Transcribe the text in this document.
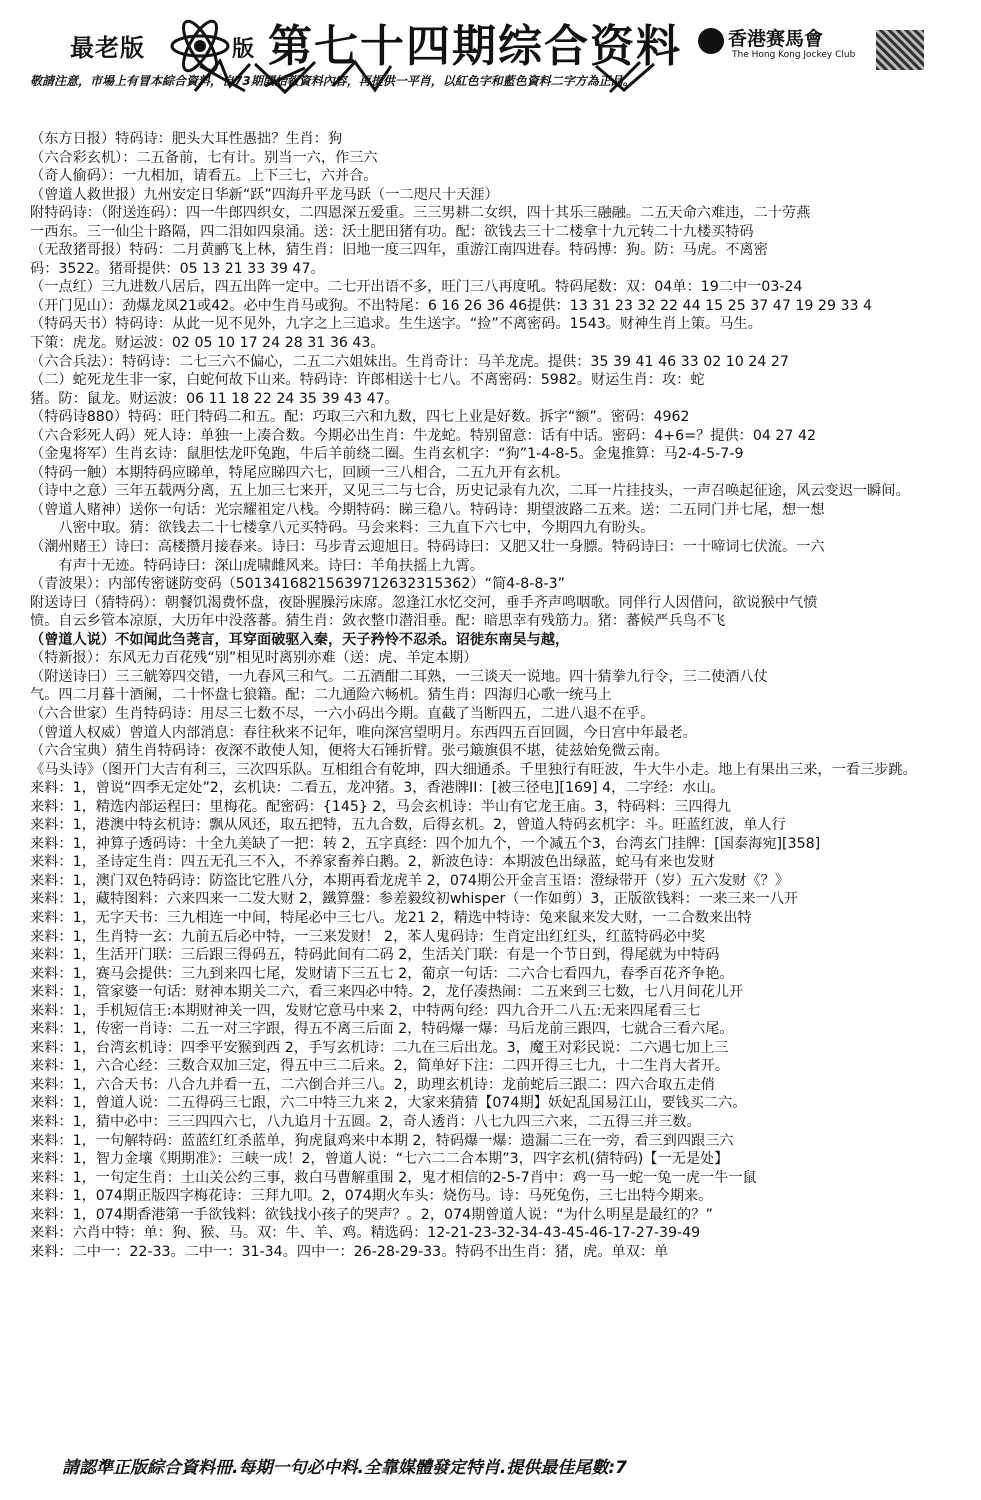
最老版	版 第七十四期综合资料 香港赛馬會
The Hong Kong Jockey Club
敬請注意，市場上有冒本綜合資料，自73期開始報資料內容，再提供一平肖，以紅色字和藍色資料二字方為正品。
（东方日报）特码诗：肥头大耳性愚拙？生肖：狗
（六合彩玄机）：二五备前，七有计。别当一六，作三六
（奇人偷码）：一九相加，请看五。上下三七，六并合。
（曾道人救世报）九州安定日华新“跃”四海升平龙马跃（一二咫尺十天涯）
附特码诗：（附送连码）：四一牛郎四织女，二四恩深五爱重。三三男耕二女织，四十其乐三融融。二五天命六难违，二十劳燕
一西东。三一仙尘十路隔，四二泪如四泉涌。送：沃土肥田猪有功。配：欲钱去三十二楼拿十九元转二十九楼买特码
（无敌猪哥报）特码：二月黄鹂飞上林，猜生肖：旧地一度三四年，重游江南四进春。特码博：狗。防：马虎。不离密
码：3522。猪哥提供：05 13 21 33 39 47。
（一点红）三九进数八居后，四五出阵一定中。二七开出语不多，旺门三八再度吼。特码尾数：双：04单：19二中一03-24
（开门见山）：劲爆龙凤21或42。必中生肖马或狗。不出特尾：6 16 26 36 46提供：13 31 23 32 22 44 15 25 37 47 19 29 33 4
（特码天书）特码诗：从此一见不见外，九字之上三追求。生生送字。“捡”不离密码。1543。财神生肖上策。马生。
下策：虎龙。财运波：02 05 10 17 24 28 31 36 43。
（六合兵法）：特码诗：二七三六不偏心，二五二六姐妹出。生肖奇计：马羊龙虎。提供：35 39 41 46 33 02 10 24 27
（二）蛇死龙生非一家，白蛇何故下山来。特码诗：许郎相送十七八。不离密码：5982。财运生肖：攻：蛇
猪。防：鼠龙。财运波：06 11 18 22 24 35 39 43 47。
（特码诗880）特码：旺门特码二和五。配：巧取三六和九数，四七上业是好数。拆字“额”。密码：4962
（六合彩死人码）死人诗：单独一上凑合数。今期必出生肖：牛龙蛇。特别留意：话有中话。密码：4+6=？提供：04 27 42
（金鬼将军）生肖玄诗：鼠胆怯龙吓兔跑，牛后羊前绕二圈。生肖玄机字：“狗”1-4-8-5。金鬼推算：马2-4-5-7-9
（特码一触）本期特码应睇单，特尾应睇四六七，回顾一三八相合，二五九开有玄机。
（诗中之意）三年五载两分离，五上加三七来开，又见三二与七合，历史记录有九次，二耳一片挂技头，一声召唤起征途，风云变迟一瞬间。
（曾道人赌神）送你一句话：光宗耀祖定八栈。今期特码：睇三稳八。特码诗：期望波路二五来。送：二五同门并七尾，想一想
　　八密中取。猜：欲钱去二十七楼拿八元买特码。马会来料：三九直下六七中，今期四九有盼头。
（潮州赌王）诗曰：高楼攒月接春来。诗曰：马步青云迎旭日。特码诗曰：又肥又壮一身膘。特码诗曰：一十啼词七伏流。一六
　　有声十无迹。特码诗曰：深山虎啸雌风来。诗曰：羊角扶摇上九霄。
（青波果）：内部传密谜防变码（50134168215639712632315362）“简4-8-8-3”
附送诗曰（猜特码）：朝餐饥渴费怀盘，夜卧腥臊污床席。忽逢江水忆交河，垂手齐声鸣咽歌。同伴行人因借问，欲说猴中气愤
愤。自云乡管本凉原，大历年中没落蕃。猜生肖：敛衣整巾潜泪垂。配：暗思幸有残筋力。猪：蕃候严兵鸟不飞
（曾道人说）不如闻此刍荛言，耳穿面破驱入秦，天子矜怜不忍杀。诏徙东南吴与越，
（特新报）：东风无力百花残“别”相见时离别亦难（送：虎、羊定本期）
（附送诗曰）三三觥筹四交错，一九春风三和气。二五酒酣二耳熟，一三谈天一说地。四十猜拳九行令，三二使酒八仗
气。四二月暮十酒阑，二十怀盘七狼籍。配：二九通险六畅机。猜生肖：四海归心歌一统马上
（六合世家）生肖特码诗：用尽三七数不尽，一六小码出今期。直截了当断四五，二进八退不在乎。
（曾道人权威）曾道人内部消息：春往秋来不记年，唯向深宫望明月。东西四五百回圆，今日宫中年最老。
（六合宝典）猜生肖特码诗：夜深不敢使人知，便将大石锤折臂。张弓簸旗俱不堪，徒兹始免微云南。
《马头诗》（图开门大吉有利三，三次四乐队。互相组合有乾坤，四大细通杀。千里独行有旺波，牛大牛小走。地上有果出三来，一看三步跳。
来料：1，曾说“四季无定处”2，玄机诀：二看五，龙冲猪。3，香港牌II：[被三径电][169] 4，二字经：水山。
来料：1，精选内部运程曰：里梅花。配密码：{145} 2，马会玄机诗：半山有它龙王庙。3，特码料：三四得九
来料：1，港澳中特玄机诗：飘从风还，取五把特，五九合数，后得玄机。2，曾道人特码玄机字：斗。旺蓝红波，单人行
来料：1，神算子透码诗：十全九美缺了一把：转 2，五字真经：四个加九个，一个减五个3，台湾玄门挂牌：[国泰海宛][358]
来料：1，圣诗定生肖：四五无孔三不入，不养家畜养白鹅。2，新波色诗：本期波色出绿蓝，蛇马有来也发财
来料：1，澳门双色特码诗：防盗比它胜八分，本期再看龙虎羊 2，074期公开金言玉语：澄绿带开（岁）五六发财《？》
来料：1，藏特图料：六来四来一二发大财 2，鐵算盤：参差毅纹初whisper（一作如剪）3，正版欲钱料：一来三来一八开
来料：1，无字天书：三九相连一中间，特尾必中三七八。龙21 2，精选中特诗：兔来鼠来发大财，一二合数来出特
来料：1，生肖特一玄：九前五后必中特，一三来发财！ 2，苯人鬼码诗：生肖定出红红头，红蓝特码必中奖
来料：1，生活开门联：三后跟三得码五，特码此间有二码 2，生活关门联：有是一个节日到，得尾就为中特码
来料：1，赛马会提供：三九到来四七尾，发财请下三五七 2，葡京一句话：二六合七看四九，春季百花齐争艳。
来料：1，管家婆一句话：财神本期关二六，看三来四必中特。2，龙仔凑热闹：二五来到三七数，七八月间花儿开
来料：1，手机短信王:本期财神关一四，发财它意马中来 2，中特两句经：四九合开二八五:无来四尾看三七
来料：1，传密一肖诗：二五一对三字跟，得五不离三后面 2，特码爆一爆：马后龙前三跟四，七就合三看六尾。
来料：1，台湾玄机诗：四季平安猴到西 2，手写玄机诗：二九在三后出龙。3，魔王对彩民说：二六遇七加上三
来料：1，六合心经：三数合双加三定，得五中三二后来。2，简单好下注：二四开得三七九，十二生肖大者开。
来料：1，六合天书：八合九并看一五，二六倒合并三八。2，助理玄机诗：龙前蛇后三跟二：四六合取五走俏
来料：1，曾道人说：二五得码三七跟，六二中特三九来 2，大家来猜猜【074期】妖妃乱国易江山，要钱买二六。
来料：1，猜中必中：三三四四六七，八九追月十五圆。2，奇人透肖：八七九四三六来，二五得三并三数。
来料：1，一句解特码：蓝蓝红红杀蓝单，狗虎鼠鸡来中本期 2，特码爆一爆：遗漏二三在一旁，看三到四跟三六
来料：1，智力金壤《期期准》：三峡一成！2，曾道人说：“七六二二合本期”3，四字玄机(猜特码)【一无是处】
来料：1，一句定生肖：土山关公约三事，救白马曹解重围 2，鬼才相信的2-5-7肖中：鸡一马一蛇一兔一虎一牛一鼠
来料：1，074期正版四字梅花诗：三拜九叩。2，074期火车头：烧伤马。诗：马死兔伤，三七出特今期来。
来料：1，074期香港第一手欲钱料：欲钱找小孩子的哭声？。2，074期曾道人说：“为什么明星是最红的？”
来料：六肖中特：单：狗、猴、马。双：牛、羊、鸡。精选码：12-21-23-32-34-43-45-46-17-27-39-49
来料：二中一：22-33。二中一：31-34。四中一：26-28-29-33。特码不出生肖：猪，虎。单双：单
請認準正版綜合資料冊.每期一句必中料.全靠媒體發定特肖.提供最佳尾數:7
